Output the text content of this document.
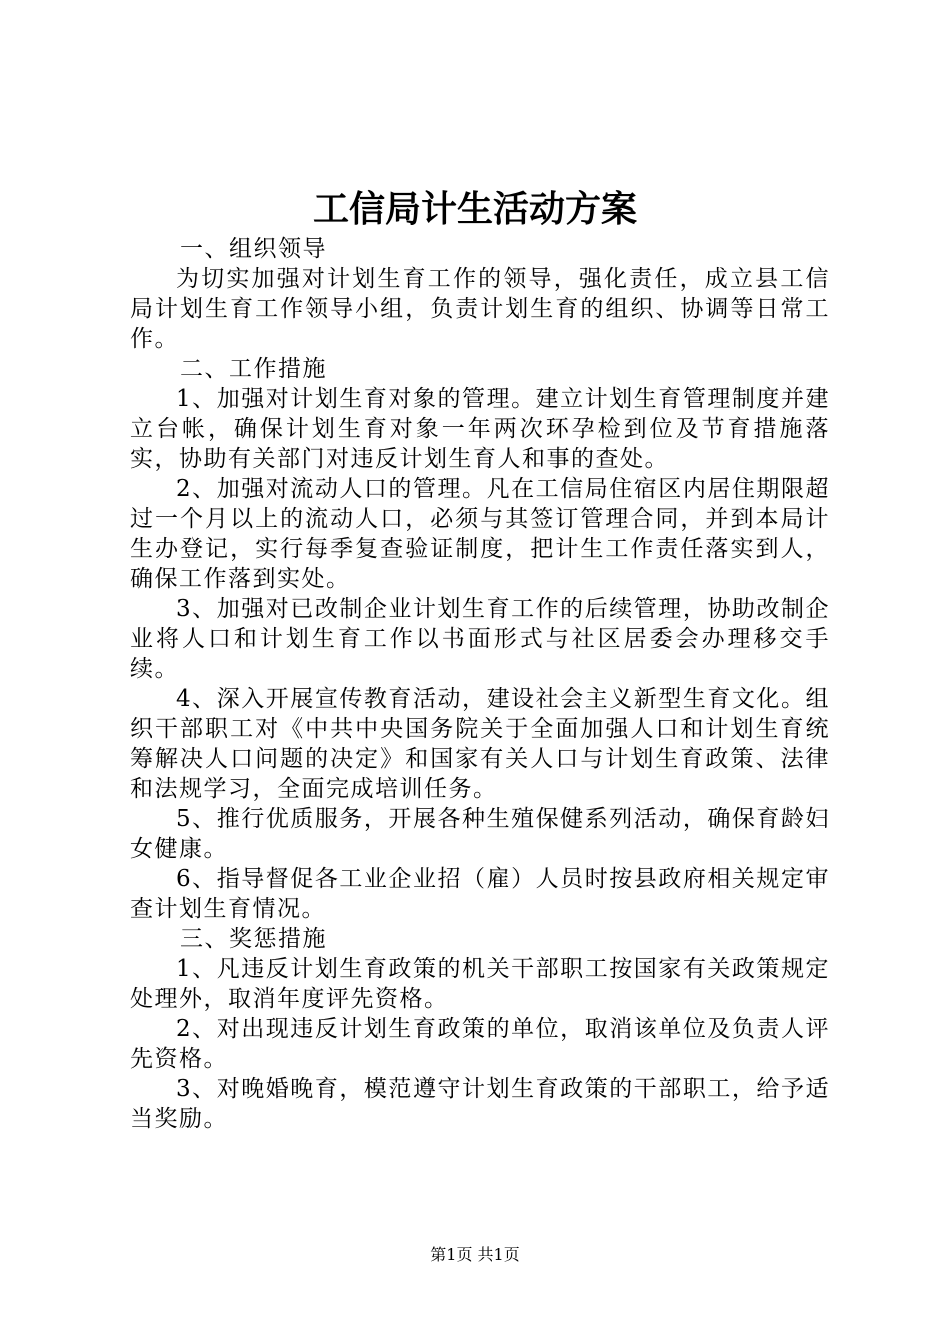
工信局计生活动方案

一、组织领导

为切实加强对计划生育工作的领导，强化责任，成立县工信局计划生育工作领导小组，负责计划生育的组织、协调等日常工作。

二、工作措施

1、加强对计划生育对象的管理。建立计划生育管理制度并建立台帐，确保计划生育对象一年两次环孕检到位及节育措施落实，协助有关部门对违反计划生育人和事的查处。

2、加强对流动人口的管理。凡在工信局住宿区内居住期限超过一个月以上的流动人口，必须与其签订管理合同，并到本局计生办登记，实行每季复查验证制度，把计生工作责任落实到人，确保工作落到实处。

3、加强对已改制企业计划生育工作的后续管理，协助改制企业将人口和计划生育工作以书面形式与社区居委会办理移交手续。

4、深入开展宣传教育活动，建设社会主义新型生育文化。组织干部职工对《中共中央国务院关于全面加强人口和计划生育统筹解决人口问题的决定》和国家有关人口与计划生育政策、法律和法规学习，全面完成培训任务。

5、推行优质服务，开展各种生殖保健系列活动，确保育龄妇女健康。

6、指导督促各工业企业招（雇）人员时按县政府相关规定审查计划生育情况。

三、奖惩措施

1、凡违反计划生育政策的机关干部职工按国家有关政策规定处理外，取消年度评先资格。

2、对出现违反计划生育政策的单位，取消该单位及负责人评先资格。

3、对晚婚晚育，模范遵守计划生育政策的干部职工，给予适当奖励。

第1页 共1页
